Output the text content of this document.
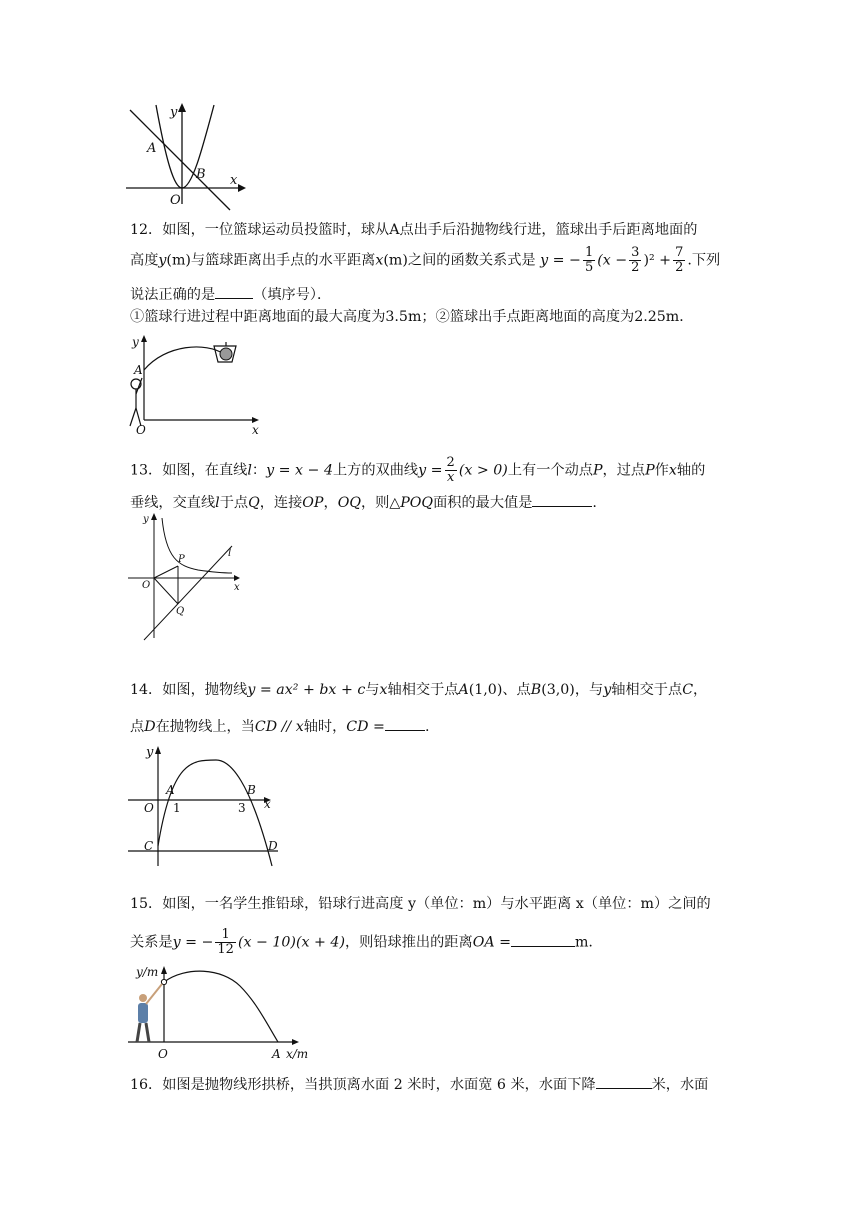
y
x
O
A
B
12．如图，一位篮球运动员投篮时，球从A点出手后沿抛物线行进，篮球出手后距离地面的
高度y(m)与篮球距离出手点的水平距离x(m)之间的函数关系式是 y = − $\frac{1}{5} (x - \frac{3}{2} )^2 + \frac{7}{2}$ .下列
说法正确的是	（填序号）．
①篮球行进过程中距离地面的最大高度为3.5m；②篮球出手点距离地面的高度为2.25m．
y
A
O	x
13．如图，在直线l：y = x − 4上方的双曲线$y = \frac{2}{x} (x > 0)$上有一个动点P，过点P作x轴的
垂线，交直线l于点Q，连接OP，OQ，则△POQ面积的最大值是	.
y
P
l
O	x
Q
14．如图，抛物线y = ax² + bx + c与x轴相交于点A(1,0)、点B(3,0)，与y轴相交于点C，
点D在抛物线上，当CD // x轴时，CD =	.
y
A	B
O 1	3 x
C	D
15．如图，一名学生推铅球，铅球行进高度 y（单位：m）与水平距离 x（单位：m）之间的
关系是y = − $\frac{1}{12} (x - 10)(x + 4)$，则铅球推出的距离OA =	m.
y/m
O	A x/m
16．如图是抛物线形拱桥，当拱顶离水面 2 米时，水面宽 6 米，水面下降	米，水面
